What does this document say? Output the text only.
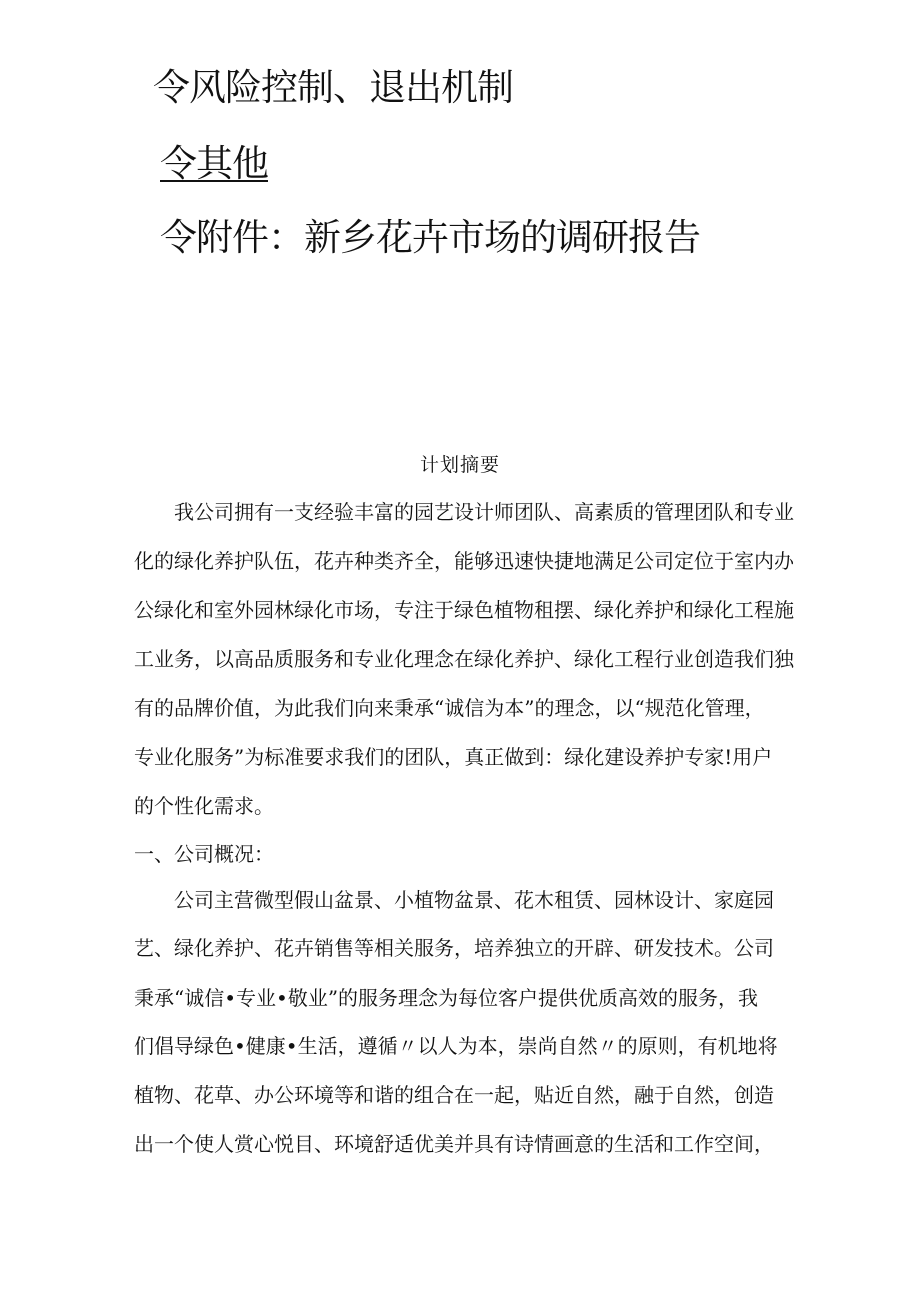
令风险控制、退出机制
令其他
令附件：新乡花卉市场的调研报告
计划摘要
我公司拥有一支经验丰富的园艺设计师团队、高素质的管理团队和专业
化的绿化养护队伍，花卉种类齐全，能够迅速快捷地满足公司定位于室内办
公绿化和室外园林绿化市场，专注于绿色植物租摆、绿化养护和绿化工程施
工业务，以高品质服务和专业化理念在绿化养护、绿化工程行业创造我们独
有的品牌价值，为此我们向来秉承“诚信为本”的理念，以“规范化管理，
专业化服务”为标准要求我们的团队，真正做到：绿化建设养护专家!用户
的个性化需求。
一、公司概况：
公司主营微型假山盆景、小植物盆景、花木租赁、园林设计、家庭园
艺、绿化养护、花卉销售等相关服务，培养独立的开辟、研发技术。公司
秉承“诚信•专业•敬业”的服务理念为每位客户提供优质高效的服务，我
们倡导绿色•健康•生活，遵循〃以人为本，崇尚自然〃的原则，有机地将
植物、花草、办公环境等和谐的组合在一起，贴近自然，融于自然，创造
出一个使人赏心悦目、环境舒适优美并具有诗情画意的生活和工作空间，
